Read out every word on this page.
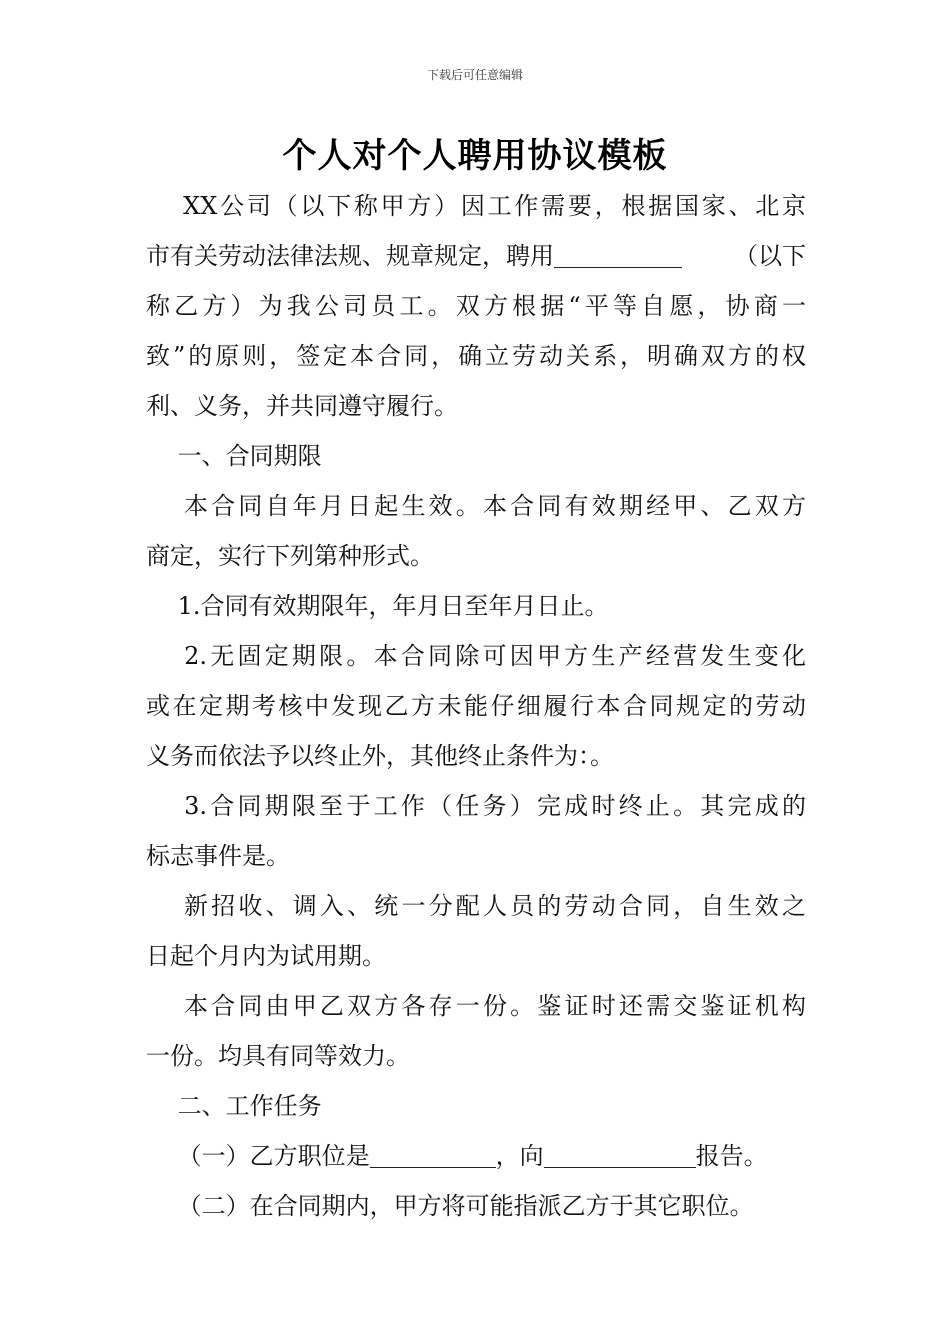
下载后可任意编辑
个人对个人聘用协议模板
　 XX公司（以下称甲方）因工作需要，根据国家、北京
市有关劳动法律法规、规章规定，聘用	（以下
称乙方）为我公司员工。双方根据“平等自愿，协商一
致”的原则，签定本合同，确立劳动关系，明确双方的权
利、义务，并共同遵守履行。
　 一、合同期限
　 本合同自年月日起生效。本合同有效期经甲、乙双方
商定，实行下列第种形式。
　 1.合同有效期限年，年月日至年月日止。
　 2.无固定期限。本合同除可因甲方生产经营发生变化
或在定期考核中发现乙方未能仔细履行本合同规定的劳动
义务而依法予以终止外，其他终止条件为：。
　 3.合同期限至于工作（任务）完成时终止。其完成的
标志事件是。
　 新招收、调入、统一分配人员的劳动合同，自生效之
日起个月内为试用期。
　 本合同由甲乙双方各存一份。鉴证时还需交鉴证机构
一份。均具有同等效力。
　 二、工作任务
　 （一）乙方职位是	，向	报告。
　 （二）在合同期内，甲方将可能指派乙方于其它职位。
